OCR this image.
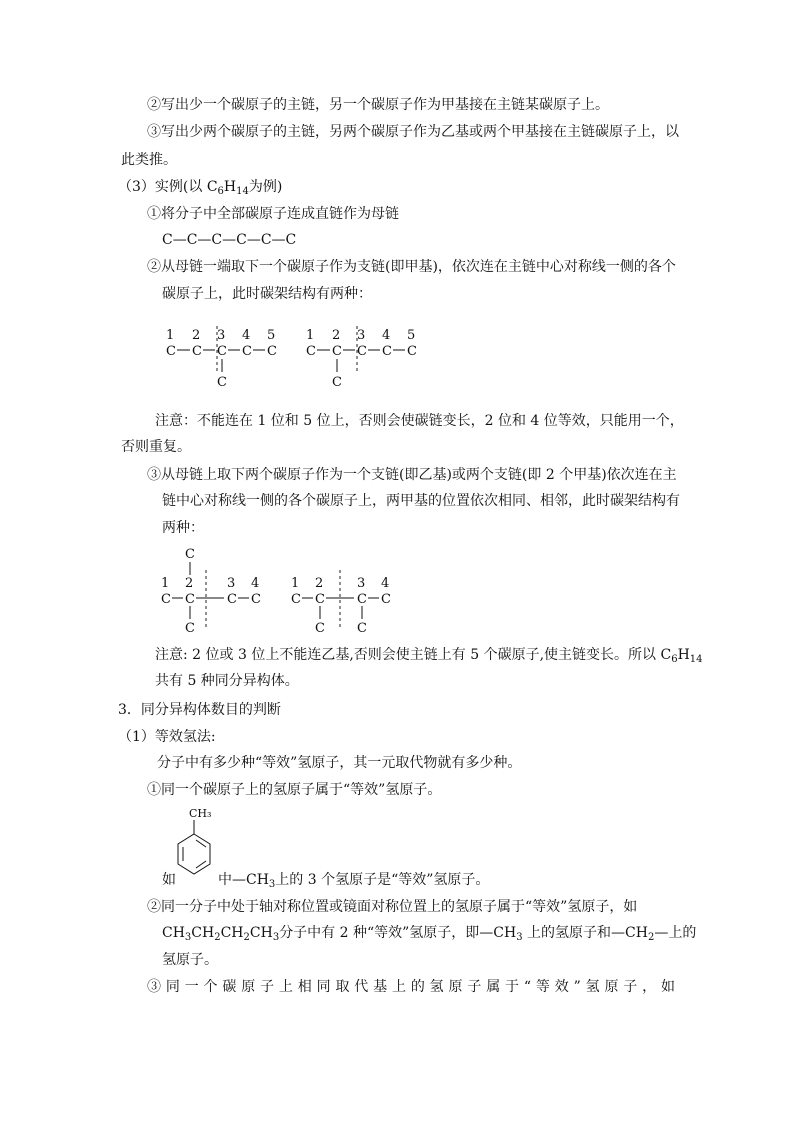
②写出少一个碳原子的主链，另一个碳原子作为甲基接在主链某碳原子上。
③写出少两个碳原子的主链，另两个碳原子作为乙基或两个甲基接在主链碳原子上，以
此类推。
（3）实例(以 $C_6H_{14}$为例)
①将分子中全部碳原子连成直链作为母链
C—C—C—C—C—C
②从母链一端取下一个碳原子作为支链(即甲基)，依次连在主链中心对称线一侧的各个
碳原子上，此时碳架结构有两种：
1 2 3 4 5
C C C C C
C
1 2 3 4 5
C C C C C
C
注意：不能连在 1 位和 5 位上，否则会使碳链变长，2 位和 4 位等效，只能用一个，
否则重复。
③从母链上取下两个碳原子作为一个支链(即乙基)或两个支链(即 2 个甲基)依次连在主
链中心对称线一侧的各个碳原子上，两甲基的位置依次相同、相邻，此时碳架结构有
两种：
C
1 2	3 4
C C C C
C
1 2	3 4
C C C C
C C
注意: 2 位或 3 位上不能连乙基,否则会使主链上有 5 个碳原子,使主链变长。所以 $C_6H_{14}$
共有 5 种同分异构体。
3．同分异构体数目的判断
（1）等效氢法:
分子中有多少种“等效”氢原子，其一元取代物就有多少种。
①同一个碳原子上的氢原子属于“等效”氢原子。
CH₃
如	中$—CH_3$上的 3 个氢原子是“等效”氢原子。
②同一分子中处于轴对称位置或镜面对称位置上的氢原子属于“等效”氢原子，如
$CH_3CH_2CH_2CH_3$分子中有 2 种“等效”氢原子，即$—CH_3$ 上的氢原子和$—CH_2—$上的
氢原子。
③同一个碳原子上相同取代基上的氢原子属于“等效”氢原子，如
